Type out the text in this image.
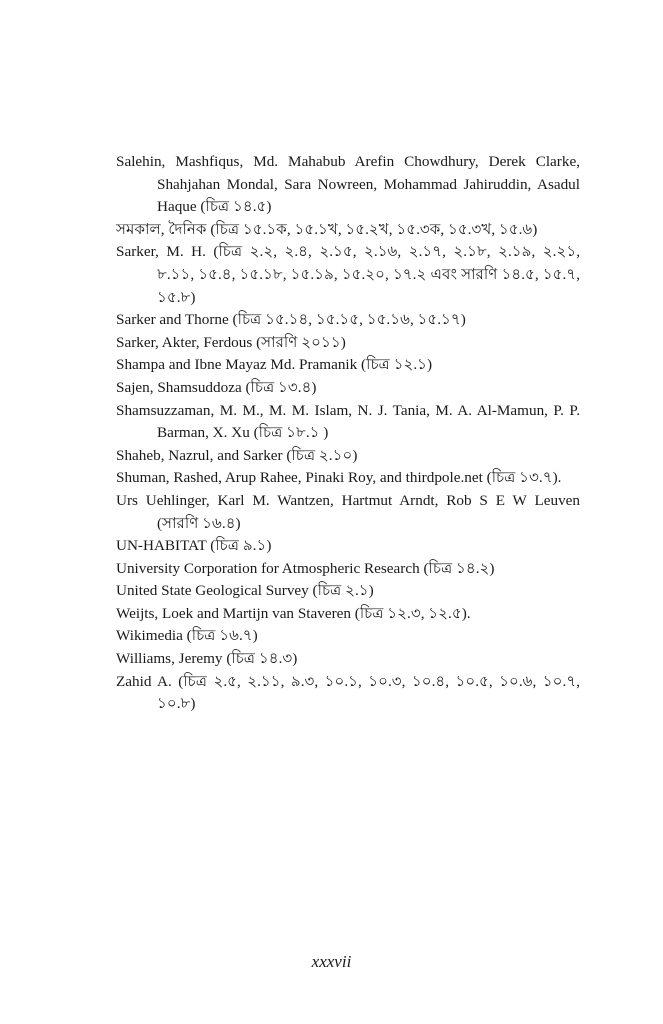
Salehin, Mashfiqus, Md. Mahabub Arefin Chowdhury, Derek Clarke, Shahjahan Mondal, Sara Nowreen, Mohammad Jahiruddin, Asadul Haque (চিত্র ১৪.৫)
সমকাল, দৈনিক (চিত্র ১৫.১ক, ১৫.১খ, ১৫.২খ, ১৫.৩ক, ১৫.৩খ, ১৫.৬)
Sarker, M. H. (চিত্র ২.২, ২.৪, ২.১৫, ২.১৬, ২.১৭, ২.১৮, ২.১৯, ২.২১, ৮.১১, ১৫.৪, ১৫.১৮, ১৫.১৯, ১৫.২০, ১৭.২ এবং সারণি ১৪.৫, ১৫.৭, ১৫.৮)
Sarker and Thorne (চিত্র ১৫.১৪, ১৫.১৫, ১৫.১৬, ১৫.১৭)
Sarker, Akter, Ferdous (সারণি ২০১১)
Shampa and Ibne Mayaz Md. Pramanik (চিত্র ১২.১)
Sajen, Shamsuddoza (চিত্র ১৩.৪)
Shamsuzzaman, M. M., M. M. Islam, N. J. Tania, M. A. Al-Mamun, P. P. Barman, X. Xu (চিত্র ১৮.১ )
Shaheb, Nazrul, and Sarker (চিত্র ২.১০)
Shuman, Rashed, Arup Rahee, Pinaki Roy, and thirdpole.net (চিত্র ১৩.৭).
Urs Uehlinger, Karl M. Wantzen, Hartmut Arndt, Rob S E W Leuven (সারণি ১৬.৪)
UN-HABITAT (চিত্র ৯.১)
University Corporation for Atmospheric Research (চিত্র ১৪.২)
United State Geological Survey (চিত্র ২.১)
Weijts, Loek and Martijn van Staveren (চিত্র ১২.৩, ১২.৫).
Wikimedia (চিত্র ১৬.৭)
Williams, Jeremy (চিত্র ১৪.৩)
Zahid A. (চিত্র ২.৫, ২.১১, ৯.৩, ১০.১, ১০.৩, ১০.৪, ১০.৫, ১০.৬, ১০.৭, ১০.৮)
xxxvii
